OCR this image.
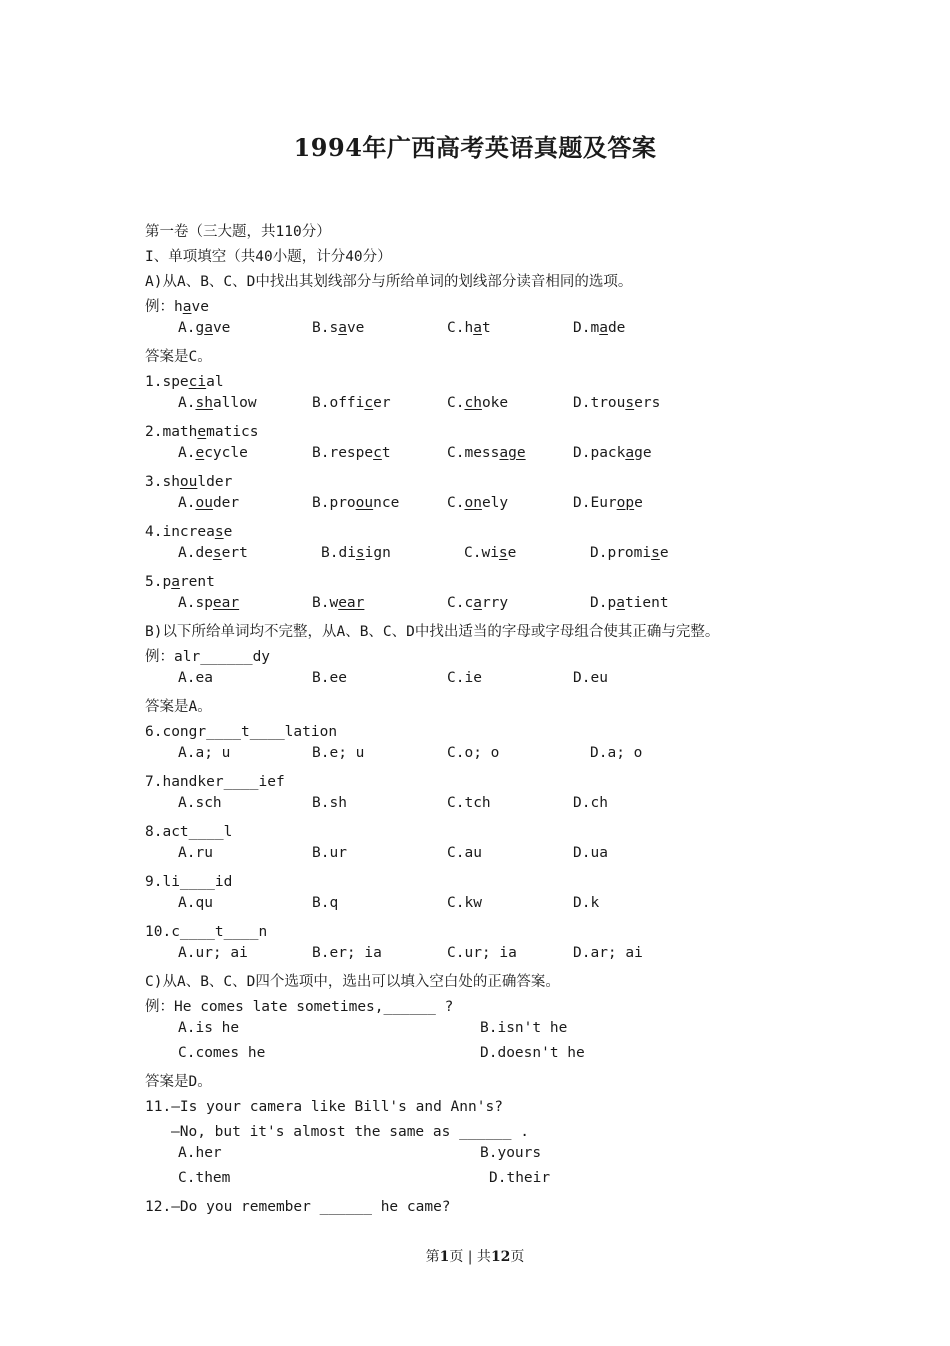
1994年广西高考英语真题及答案
第一卷（三大题，共110分）
I、单项填空（共40小题，计分40分）
A)从A、B、C、D中找出其划线部分与所给单词的划线部分读音相同的选项。
例：have
A.gave	B.save	C.hat	D.made
答案是C。
1.special
A.shallow	B.officer	C.choke	D.trousers
2.mathematics
A.ecycle	B.respect	C.message	D.package
3.shoulder
A.ouder	B.proounce	C.onely	D.Europe
4.increase
A.desert	B.disign	C.wise	D.promise
5.parent
A.spear	B.wear	C.carry	D.patient
B)以下所给单词均不完整，从A、B、C、D中找出适当的字母或字母组合使其正确与完整。
例：alr______dy
A.ea	B.ee	C.ie	D.eu
答案是A。
6.congr____t____lation
A.a; u	B.e; u	C.o; o	D.a; o
7.handker____ief
A.sch	B.sh	C.tch	D.ch
8.act____l
A.ru	B.ur	C.au	D.ua
9.li____id
A.qu	B.q	C.kw	D.k
10.c____t____n
A.ur; ai	B.er; ia	C.ur; ia	D.ar; ai
C)从A、B、C、D四个选项中，选出可以填入空白处的正确答案。
例：He comes late sometimes,______ ?
A.is he	B.isn't he
C.comes he	D.doesn't he
答案是D。
11.—Is your camera like Bill's and Ann's?
—No, but it's almost the same as ______ .
A.her	B.yours
C.them	D.their
12.—Do you remember ______ he came?
第1页 | 共12页
